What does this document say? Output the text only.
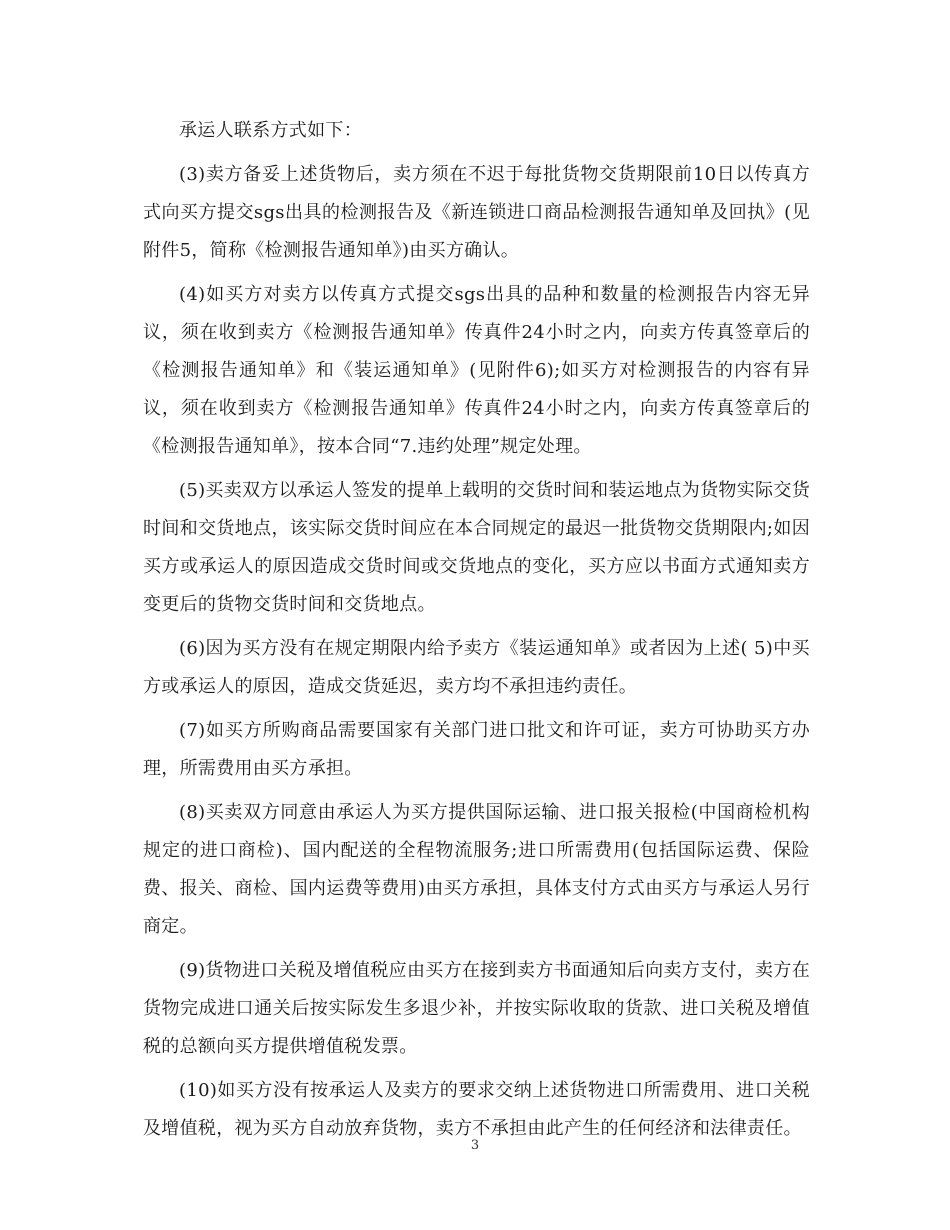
承运人联系方式如下：

(3)卖方备妥上述货物后，卖方须在不迟于每批货物交货期限前10日以传真方式向买方提交sgs出具的检测报告及《新连锁进口商品检测报告通知单及回执》(见附件5，简称《检测报告通知单》)由买方确认。

(4)如买方对卖方以传真方式提交sgs出具的品种和数量的检测报告内容无异议，须在收到卖方《检测报告通知单》传真件24小时之内，向卖方传真签章后的《检测报告通知单》和《装运通知单》(见附件6);如买方对检测报告的内容有异议，须在收到卖方《检测报告通知单》传真件24小时之内，向卖方传真签章后的《检测报告通知单》，按本合同“7.违约处理”规定处理。

(5)买卖双方以承运人签发的提单上载明的交货时间和装运地点为货物实际交货时间和交货地点，该实际交货时间应在本合同规定的最迟一批货物交货期限内;如因买方或承运人的原因造成交货时间或交货地点的变化，买方应以书面方式通知卖方变更后的货物交货时间和交货地点。

(6)因为买方没有在规定期限内给予卖方《装运通知单》或者因为上述( 5)中买方或承运人的原因，造成交货延迟，卖方均不承担违约责任。

(7)如买方所购商品需要国家有关部门进口批文和许可证，卖方可协助买方办理，所需费用由买方承担。

(8)买卖双方同意由承运人为买方提供国际运输、进口报关报检(中国商检机构规定的进口商检)、国内配送的全程物流服务;进口所需费用(包括国际运费、保险费、报关、商检、国内运费等费用)由买方承担，具体支付方式由买方与承运人另行商定。

(9)货物进口关税及增值税应由买方在接到卖方书面通知后向卖方支付，卖方在货物完成进口通关后按实际发生多退少补，并按实际收取的货款、进口关税及增值税的总额向买方提供增值税发票。

(10)如买方没有按承运人及卖方的要求交纳上述货物进口所需费用、进口关税及增值税，视为买方自动放弃货物，卖方不承担由此产生的任何经济和法律责任。

3
